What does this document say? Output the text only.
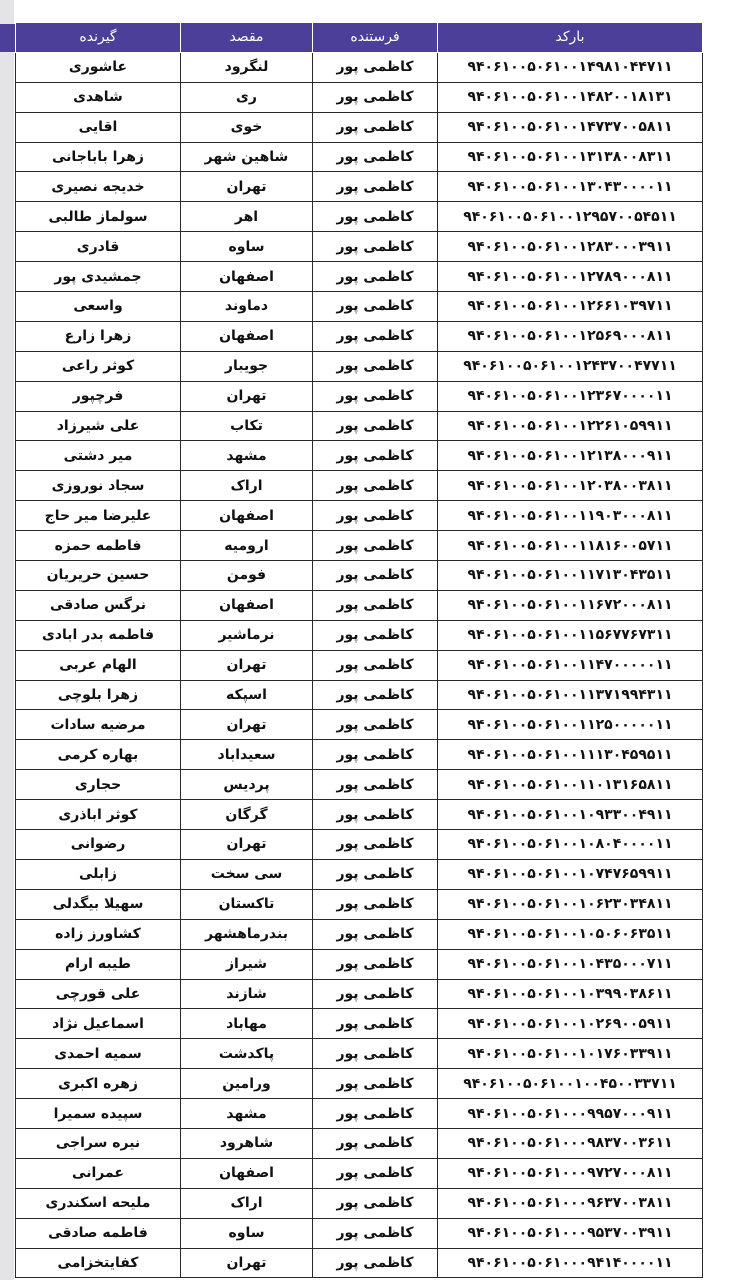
بارکد	فرستنده	مقصد	گیرنده
۹۴۰۶۱۰۰۵۰۶۱۰۰۱۴۹۸۱۰۴۴۷۱۱	کاظمی پور	لنگرود	عاشوری
۹۴۰۶۱۰۰۵۰۶۱۰۰۱۴۸۲۰۰۱۸۱۳۱	کاظمی پور	ری	شاهدی
۹۴۰۶۱۰۰۵۰۶۱۰۰۱۴۷۳۷۰۰۵۸۱۱	کاظمی پور	خوی	اقایی
۹۴۰۶۱۰۰۵۰۶۱۰۰۱۳۱۳۸۰۰۸۳۱۱	کاظمی پور	شاهین شهر	زهرا باباجانی
۹۴۰۶۱۰۰۵۰۶۱۰۰۱۳۰۴۳۰۰۰۰۱۱	کاظمی پور	تهران	خدیجه نصیری
۹۴۰۶۱۰۰۵۰۶۱۰۰۱۲۹۵۷۰۰۵۴۵۱۱	کاظمی پور	اهر	سولماز طالبی
۹۴۰۶۱۰۰۵۰۶۱۰۰۱۲۸۳۰۰۰۳۹۱۱	کاظمی پور	ساوه	قادری
۹۴۰۶۱۰۰۵۰۶۱۰۰۱۲۷۸۹۰۰۰۸۱۱	کاظمی پور	اصفهان	جمشیدی پور
۹۴۰۶۱۰۰۵۰۶۱۰۰۱۲۶۶۱۰۳۹۷۱۱	کاظمی پور	دماوند	واسعی
۹۴۰۶۱۰۰۵۰۶۱۰۰۱۲۵۶۹۰۰۰۸۱۱	کاظمی پور	اصفهان	زهرا زارع
۹۴۰۶۱۰۰۵۰۶۱۰۰۱۲۴۳۷۰۰۴۷۷۱۱	کاظمی پور	جویبار	کوثر راعی
۹۴۰۶۱۰۰۵۰۶۱۰۰۱۲۳۶۷۰۰۰۰۱۱	کاظمی پور	تهران	فرچپور
۹۴۰۶۱۰۰۵۰۶۱۰۰۱۲۲۶۱۰۵۹۹۱۱	کاظمی پور	تکاب	علی شیرزاد
۹۴۰۶۱۰۰۵۰۶۱۰۰۱۲۱۳۸۰۰۰۹۱۱	کاظمی پور	مشهد	میر دشتی
۹۴۰۶۱۰۰۵۰۶۱۰۰۱۲۰۳۸۰۰۳۸۱۱	کاظمی پور	اراک	سجاد نوروزی
۹۴۰۶۱۰۰۵۰۶۱۰۰۱۱۹۰۳۰۰۰۸۱۱	کاظمی پور	اصفهان	علیرضا میر حاج
۹۴۰۶۱۰۰۵۰۶۱۰۰۱۱۸۱۶۰۰۵۷۱۱	کاظمی پور	ارومیه	فاطمه حمزه
۹۴۰۶۱۰۰۵۰۶۱۰۰۱۱۷۱۳۰۴۳۵۱۱	کاظمی پور	فومن	حسین حریریان
۹۴۰۶۱۰۰۵۰۶۱۰۰۱۱۶۷۲۰۰۰۸۱۱	کاظمی پور	اصفهان	نرگس صادقی
۹۴۰۶۱۰۰۵۰۶۱۰۰۱۱۵۶۷۷۶۷۳۱۱	کاظمی پور	نرماشیر	فاطمه بدر ابادی
۹۴۰۶۱۰۰۵۰۶۱۰۰۱۱۴۷۰۰۰۰۰۱۱	کاظمی پور	تهران	الهام عربی
۹۴۰۶۱۰۰۵۰۶۱۰۰۱۱۳۷۱۹۹۴۳۱۱	کاظمی پور	اسپکه	زهرا بلوچی
۹۴۰۶۱۰۰۵۰۶۱۰۰۱۱۲۵۰۰۰۰۰۱۱	کاظمی پور	تهران	مرضیه سادات
۹۴۰۶۱۰۰۵۰۶۱۰۰۱۱۱۳۰۴۵۹۵۱۱	کاظمی پور	سعیداباد	بهاره کرمی
۹۴۰۶۱۰۰۵۰۶۱۰۰۱۱۰۱۳۱۶۵۸۱۱	کاظمی پور	پردیس	حجاری
۹۴۰۶۱۰۰۵۰۶۱۰۰۱۰۹۳۳۰۰۴۹۱۱	کاظمی پور	گرگان	کوثر اباذری
۹۴۰۶۱۰۰۵۰۶۱۰۰۱۰۸۰۴۰۰۰۰۱۱	کاظمی پور	تهران	رضوانی
۹۴۰۶۱۰۰۵۰۶۱۰۰۱۰۷۴۷۶۵۹۹۱۱	کاظمی پور	سی سخت	زابلی
۹۴۰۶۱۰۰۵۰۶۱۰۰۱۰۶۲۳۰۳۴۸۱۱	کاظمی پور	تاکستان	سهیلا بیگدلی
۹۴۰۶۱۰۰۵۰۶۱۰۰۱۰۵۰۶۰۶۳۵۱۱	کاظمی پور	بندرماهشهر	کشاورز زاده
۹۴۰۶۱۰۰۵۰۶۱۰۰۱۰۴۳۵۰۰۰۷۱۱	کاظمی پور	شیراز	طیبه ارام
۹۴۰۶۱۰۰۵۰۶۱۰۰۱۰۳۹۹۰۳۸۶۱۱	کاظمی پور	شازند	علی قورچی
۹۴۰۶۱۰۰۵۰۶۱۰۰۱۰۲۶۹۰۰۵۹۱۱	کاظمی پور	مهاباد	اسماعیل نژاد
۹۴۰۶۱۰۰۵۰۶۱۰۰۱۰۱۷۶۰۳۳۹۱۱	کاظمی پور	پاکدشت	سمیه احمدی
۹۴۰۶۱۰۰۵۰۶۱۰۰۱۰۰۴۵۰۰۳۳۷۱۱	کاظمی پور	ورامین	زهره اکبری
۹۴۰۶۱۰۰۵۰۶۱۰۰۰۹۹۵۷۰۰۰۹۱۱	کاظمی پور	مشهد	سپیده سمیرا
۹۴۰۶۱۰۰۵۰۶۱۰۰۰۹۸۳۷۰۰۳۶۱۱	کاظمی پور	شاهرود	نیره سراجی
۹۴۰۶۱۰۰۵۰۶۱۰۰۰۹۷۲۷۰۰۰۸۱۱	کاظمی پور	اصفهان	عمرانی
۹۴۰۶۱۰۰۵۰۶۱۰۰۰۹۶۳۷۰۰۳۸۱۱	کاظمی پور	اراک	ملیحه اسکندری
۹۴۰۶۱۰۰۵۰۶۱۰۰۰۹۵۳۷۰۰۳۹۱۱	کاظمی پور	ساوه	فاطمه صادقی
۹۴۰۶۱۰۰۵۰۶۱۰۰۰۹۴۱۴۰۰۰۰۱۱	کاظمی پور	تهران	کفایتخزامی
